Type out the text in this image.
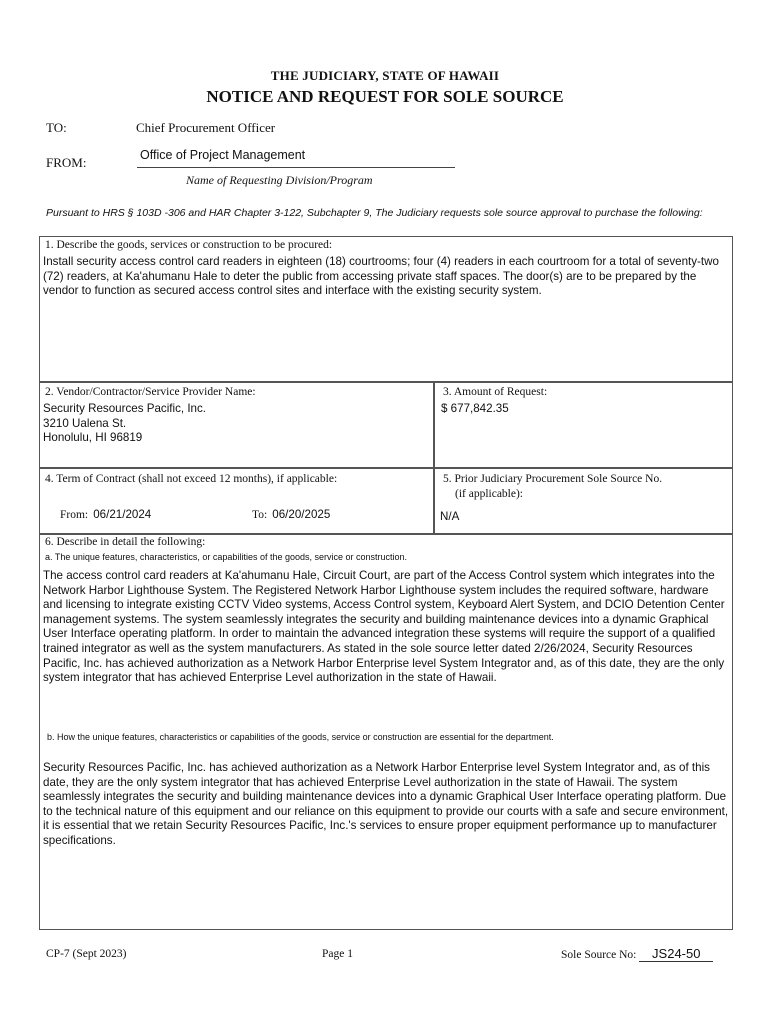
THE JUDICIARY, STATE OF HAWAII
NOTICE AND REQUEST FOR SOLE SOURCE
TO:	Chief Procurement Officer
FROM:	Office of Project Management
Name of Requesting Division/Program
Pursuant to HRS § 103D -306 and HAR Chapter 3-122, Subchapter 9, The Judiciary requests sole source approval to purchase the following:
1. Describe the goods, services or construction to be procured:
Install security access control card readers in eighteen (18) courtrooms; four (4) readers in each courtroom for a total of seventy-two (72) readers, at Ka'ahumanu Hale to deter the public from accessing private staff spaces. The door(s) are to be prepared by the vendor to function as secured access control sites and interface with the existing security system.
2. Vendor/Contractor/Service Provider Name:
Security Resources Pacific, Inc.
3210 Ualena St.
Honolulu, HI 96819
3. Amount of Request:
$ 677,842.35
4. Term of Contract (shall not exceed 12 months), if applicable:
From: 06/21/2024	To: 06/20/2025
5. Prior Judiciary Procurement Sole Source No.
(if applicable):
N/A
6. Describe in detail the following:
a. The unique features, characteristics, or capabilities of the goods, service or construction.
The access control card readers at Ka'ahumanu Hale, Circuit Court, are part of the Access Control system which integrates into the Network Harbor Lighthouse System. The Registered Network Harbor Lighthouse system includes the required software, hardware and licensing to integrate existing CCTV Video systems, Access Control system, Keyboard Alert System, and DCIO Detention Center management systems. The system seamlessly integrates the security and building maintenance devices into a dynamic Graphical User Interface operating platform. In order to maintain the advanced integration these systems will require the support of a qualified trained integrator as well as the system manufacturers. As stated in the sole source letter dated 2/26/2024, Security Resources Pacific, Inc. has achieved authorization as a Network Harbor Enterprise level System Integrator and, as of this date, they are the only system integrator that has achieved Enterprise Level authorization in the state of Hawaii.
b. How the unique features, characteristics or capabilities of the goods, service or construction are essential for the department.
Security Resources Pacific, Inc. has achieved authorization as a Network Harbor Enterprise level System Integrator and, as of this date, they are the only system integrator that has achieved Enterprise Level authorization in the state of Hawaii. The system seamlessly integrates the security and building maintenance devices into a dynamic Graphical User Interface operating platform. Due to the technical nature of this equipment and our reliance on this equipment to provide our courts with a safe and secure environment, it is essential that we retain Security Resources Pacific, Inc.'s services to ensure proper equipment performance up to manufacturer specifications.
CP-7 (Sept 2023)	Page 1	Sole Source No: JS24-50
